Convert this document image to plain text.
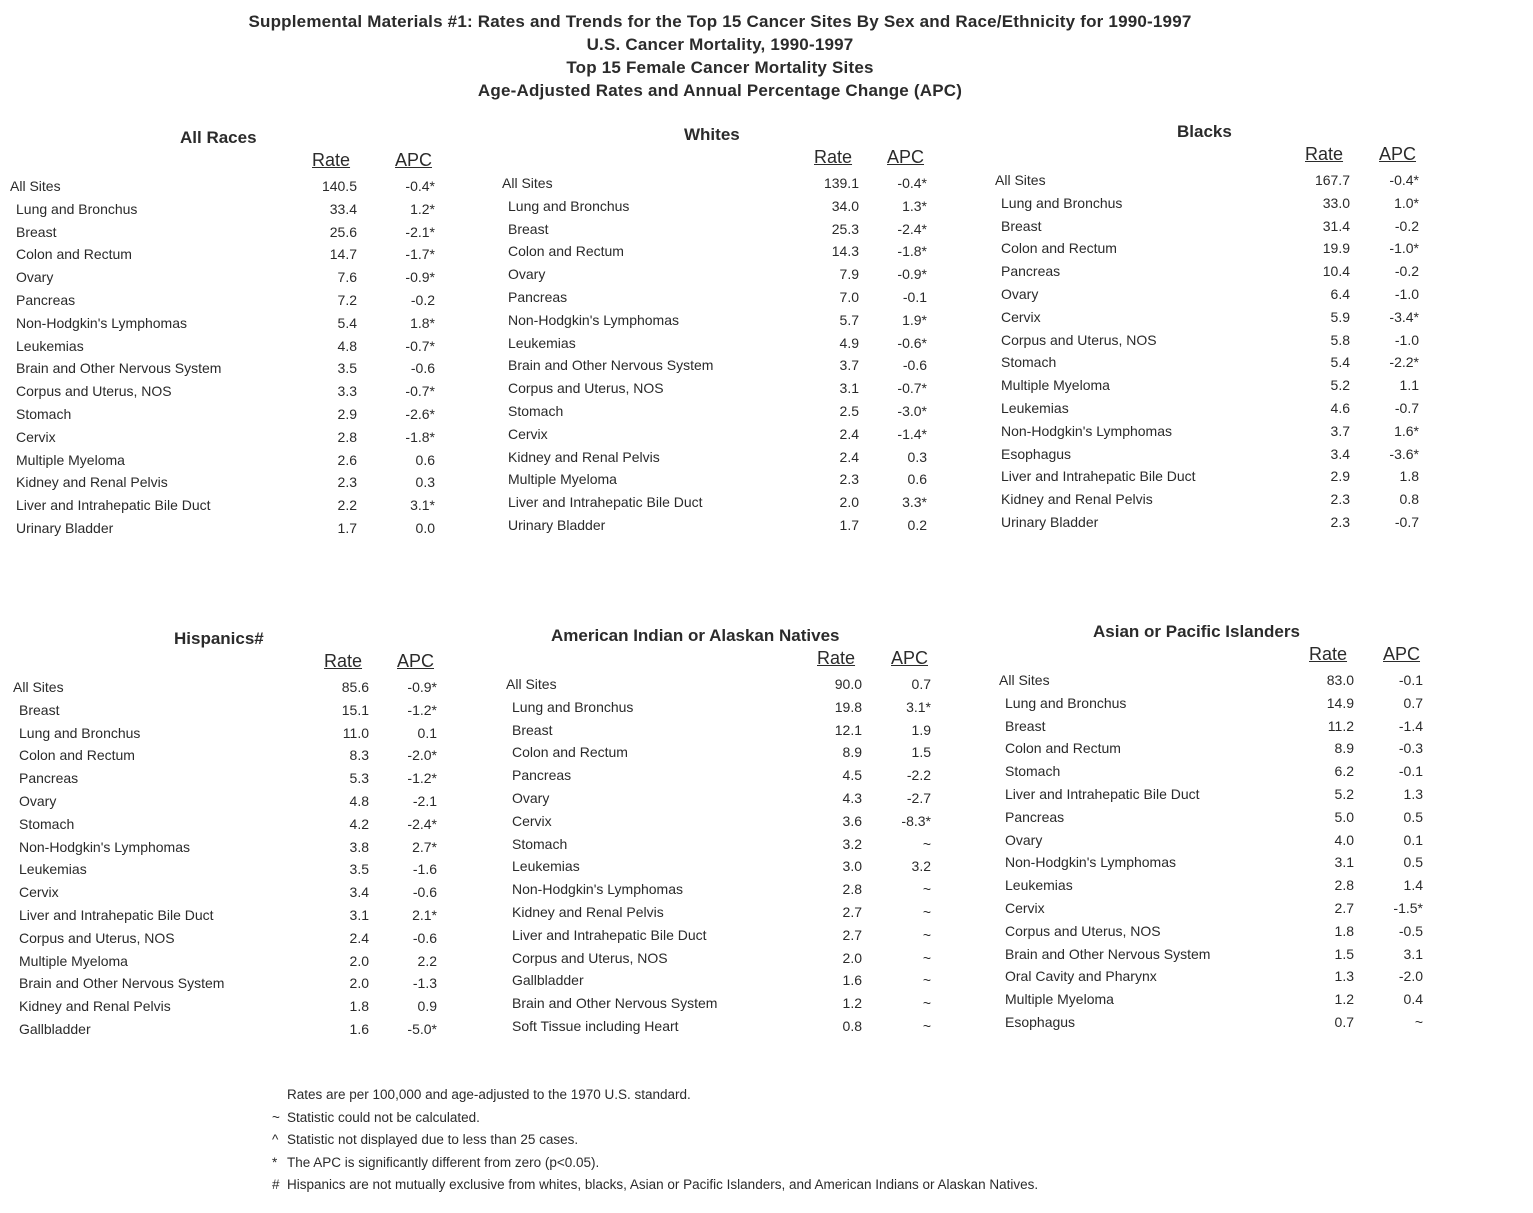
Supplemental Materials #1: Rates and Trends for the Top 15 Cancer Sites By Sex and Race/Ethnicity for 1990-1997
U.S. Cancer Mortality, 1990-1997
Top 15 Female Cancer Mortality Sites
Age-Adjusted Rates and Annual Percentage Change (APC)
All Races
Rate APC
All Sites	140.5	-0.4*
Lung and Bronchus	33.4	1.2*
Breast	25.6	-2.1*
Colon and Rectum	14.7	-1.7*
Ovary	7.6	-0.9*
Pancreas	7.2	-0.2
Non-Hodgkin's Lymphomas	5.4	1.8*
Leukemias	4.8	-0.7*
Brain and Other Nervous System	3.5	-0.6
Corpus and Uterus, NOS	3.3	-0.7*
Stomach	2.9	-2.6*
Cervix	2.8	-1.8*
Multiple Myeloma	2.6	0.6
Kidney and Renal Pelvis	2.3	0.3
Liver and Intrahepatic Bile Duct	2.2	3.1*
Urinary Bladder	1.7	0.0
Whites
Rate APC
All Sites	139.1	-0.4*
Lung and Bronchus	34.0	1.3*
Breast	25.3	-2.4*
Colon and Rectum	14.3	-1.8*
Ovary	7.9	-0.9*
Pancreas	7.0	-0.1
Non-Hodgkin's Lymphomas	5.7	1.9*
Leukemias	4.9	-0.6*
Brain and Other Nervous System	3.7	-0.6
Corpus and Uterus, NOS	3.1	-0.7*
Stomach	2.5	-3.0*
Cervix	2.4	-1.4*
Kidney and Renal Pelvis	2.4	0.3
Multiple Myeloma	2.3	0.6
Liver and Intrahepatic Bile Duct	2.0	3.3*
Urinary Bladder	1.7	0.2
Blacks
Rate APC
All Sites	167.7	-0.4*
Lung and Bronchus	33.0	1.0*
Breast	31.4	-0.2
Colon and Rectum	19.9	-1.0*
Pancreas	10.4	-0.2
Ovary	6.4	-1.0
Cervix	5.9	-3.4*
Corpus and Uterus, NOS	5.8	-1.0
Stomach	5.4	-2.2*
Multiple Myeloma	5.2	1.1
Leukemias	4.6	-0.7
Non-Hodgkin's Lymphomas	3.7	1.6*
Esophagus	3.4	-3.6*
Liver and Intrahepatic Bile Duct	2.9	1.8
Kidney and Renal Pelvis	2.3	0.8
Urinary Bladder	2.3	-0.7
Hispanics#
Rate APC
All Sites	85.6	-0.9*
Breast	15.1	-1.2*
Lung and Bronchus	11.0	0.1
Colon and Rectum	8.3	-2.0*
Pancreas	5.3	-1.2*
Ovary	4.8	-2.1
Stomach	4.2	-2.4*
Non-Hodgkin's Lymphomas	3.8	2.7*
Leukemias	3.5	-1.6
Cervix	3.4	-0.6
Liver and Intrahepatic Bile Duct	3.1	2.1*
Corpus and Uterus, NOS	2.4	-0.6
Multiple Myeloma	2.0	2.2
Brain and Other Nervous System	2.0	-1.3
Kidney and Renal Pelvis	1.8	0.9
Gallbladder	1.6	-5.0*
American Indian or Alaskan Natives
Rate APC
All Sites	90.0	0.7
Lung and Bronchus	19.8	3.1*
Breast	12.1	1.9
Colon and Rectum	8.9	1.5
Pancreas	4.5	-2.2
Ovary	4.3	-2.7
Cervix	3.6	-8.3*
Stomach	3.2	~
Leukemias	3.0	3.2
Non-Hodgkin's Lymphomas	2.8	~
Kidney and Renal Pelvis	2.7	~
Liver and Intrahepatic Bile Duct	2.7	~
Corpus and Uterus, NOS	2.0	~
Gallbladder	1.6	~
Brain and Other Nervous System	1.2	~
Soft Tissue including Heart	0.8	~
Asian or Pacific Islanders
Rate APC
All Sites	83.0	-0.1
Lung and Bronchus	14.9	0.7
Breast	11.2	-1.4
Colon and Rectum	8.9	-0.3
Stomach	6.2	-0.1
Liver and Intrahepatic Bile Duct	5.2	1.3
Pancreas	5.0	0.5
Ovary	4.0	0.1
Non-Hodgkin's Lymphomas	3.1	0.5
Leukemias	2.8	1.4
Cervix	2.7	-1.5*
Corpus and Uterus, NOS	1.8	-0.5
Brain and Other Nervous System	1.5	3.1
Oral Cavity and Pharynx	1.3	-2.0
Multiple Myeloma	1.2	0.4
Esophagus	0.7	~
Rates are per 100,000 and age-adjusted to the 1970 U.S. standard.
~ Statistic could not be calculated.
^ Statistic not displayed due to less than 25 cases.
* The APC is significantly different from zero (p<0.05).
# Hispanics are not mutually exclusive from whites, blacks, Asian or Pacific Islanders, and American Indians or Alaskan Natives.
